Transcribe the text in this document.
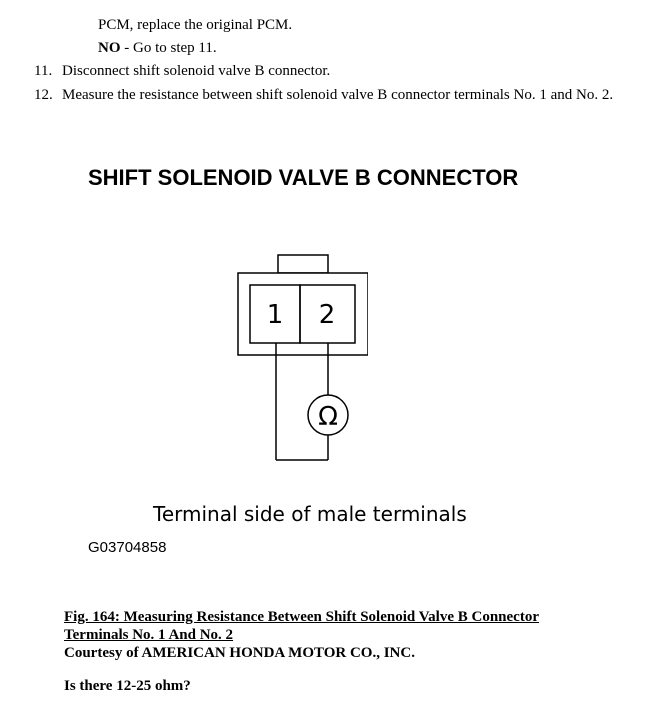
PCM, replace the original PCM.
NO - Go to step 11.
11. Disconnect shift solenoid valve B connector.
12. Measure the resistance between shift solenoid valve B connector terminals No. 1 and No. 2.
SHIFT SOLENOID VALVE B CONNECTOR
1 2
Ω
Terminal side of male terminals
G03704858
Fig. 164: Measuring Resistance Between Shift Solenoid Valve B Connector
Terminals No. 1 And No. 2
Courtesy of AMERICAN HONDA MOTOR CO., INC.
Is there 12-25 ohm?
